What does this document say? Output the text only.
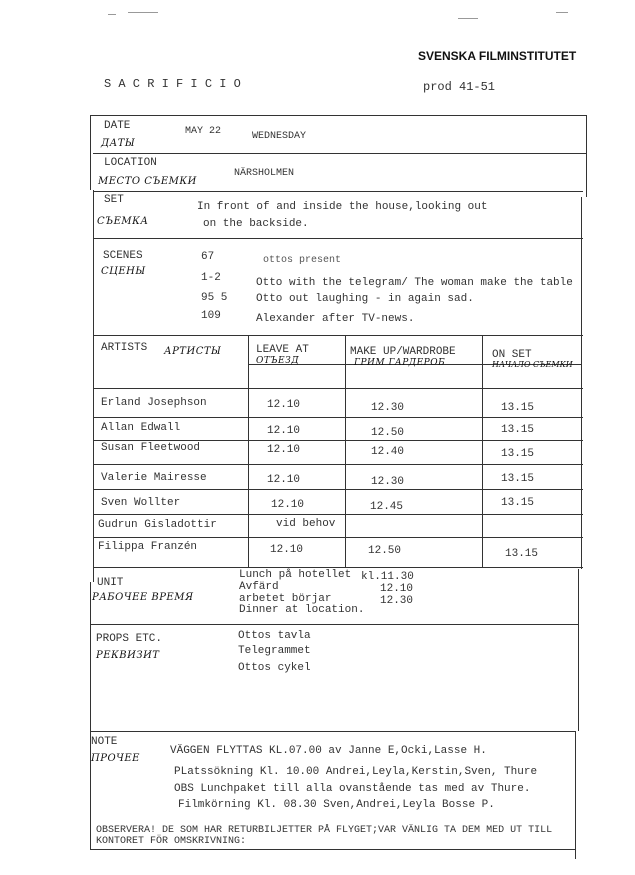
SVENSKA FILMINSTITUTET
S A C R I F I C I O	prod 41-51
DATE
ДАТЫ
MAY 22	WEDNESDAY
LOCATION
МЕСТО СЪЕМКИ
NÄRSHOLMEN
SET
СЪЕМКА
In front of and inside the house,looking out
on the backside.
SCENES
СЦЕНЫ
67	ottos present
1-2	Otto with the telegram/ The woman make the table
95 5	Otto out laughing - in again sad.
109	Alexander after TV-news.
ARTISTS АРТИСТЫ	LEAVE AT
ОТЪЕЗД
MAKE UP/WARDROBE
ГРИМ ГАРДЕРОБ
ON SET
НАЧАЛО СЪЕМКИ
Erland Josephson	12.10	12.30	13.15
Allan Edwall	12.10	12.50	13.15
Susan Fleetwood	12.10	12.40	13.15
Valerie Mairesse	12.10	12.30	13.15
Sven Wollter	12.10	12.45	13.15
Gudrun Gisladottir	vid behov
Filippa Franzén	12.10	12.50	13.15
UNIT
РАБОЧЕЕ ВРЕМЯ
Lunch på hotellet kl.11.30
Avfärd	12.10
arbetet börjar	12.30
Dinner at location.
PROPS ETC.
РЕКВИЗИТ
Ottos tavla
Telegrammet
Ottos cykel
NOTE
ПРОЧЕЕ
VÄGGEN FLYTTAS KL.07.00 av Janne E,Ocki,Lasse H.
PLatssökning Kl. 10.00 Andrei,Leyla,Kerstin,Sven, Thure
OBS Lunchpaket till alla ovanstående tas med av Thure.
Filmkörning Kl. 08.30 Sven,Andrei,Leyla Bosse P.
OBSERVERA! DE SOM HAR RETURBILJETTER PÅ FLYGET;VAR VÄNLIG TA DEM MED UT TILL
KONTORET FÖR OMSKRIVNING:
